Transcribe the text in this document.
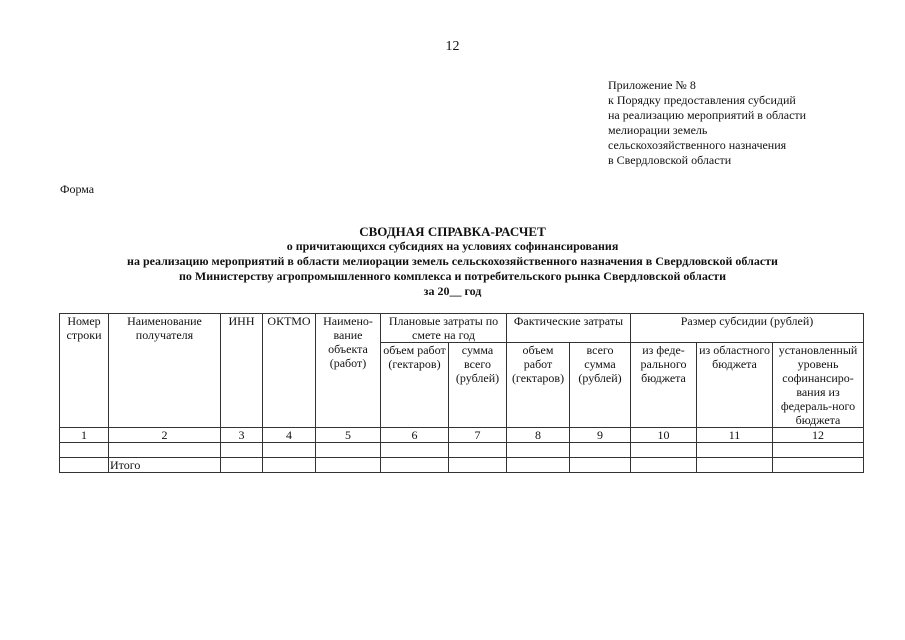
12
Приложение № 8
к Порядку предоставления субсидий
на реализацию мероприятий в области
мелиорации земель
сельскохозяйственного назначения
в Свердловской области
Форма
СВОДНАЯ СПРАВКА-РАСЧЕТ
о причитающихся субсидиях на условиях софинансирования
на реализацию мероприятий в области мелиорации земель сельскохозяйственного назначения в Свердловской области
по Министерству агропромышленного комплекса и потребительского рынка Свердловской области
за 20__ год
Номер строки	Наименование получателя	ИНН	ОКТМО	Наимено-вание объекта (работ)	Плановые затраты по смете на год		Фактические затраты		Размер субсидии (рублей)		
					объем работ (гектаров)	сумма всего (рублей)	объем работ (гектаров)	всего сумма (рублей)	из феде-рального бюджета	из областного бюджета	установленный уровень софинансиро-вания из федераль-ного бюджета
1	2	3	4	5	6	7	8	9	10	11	12

	Итого										
